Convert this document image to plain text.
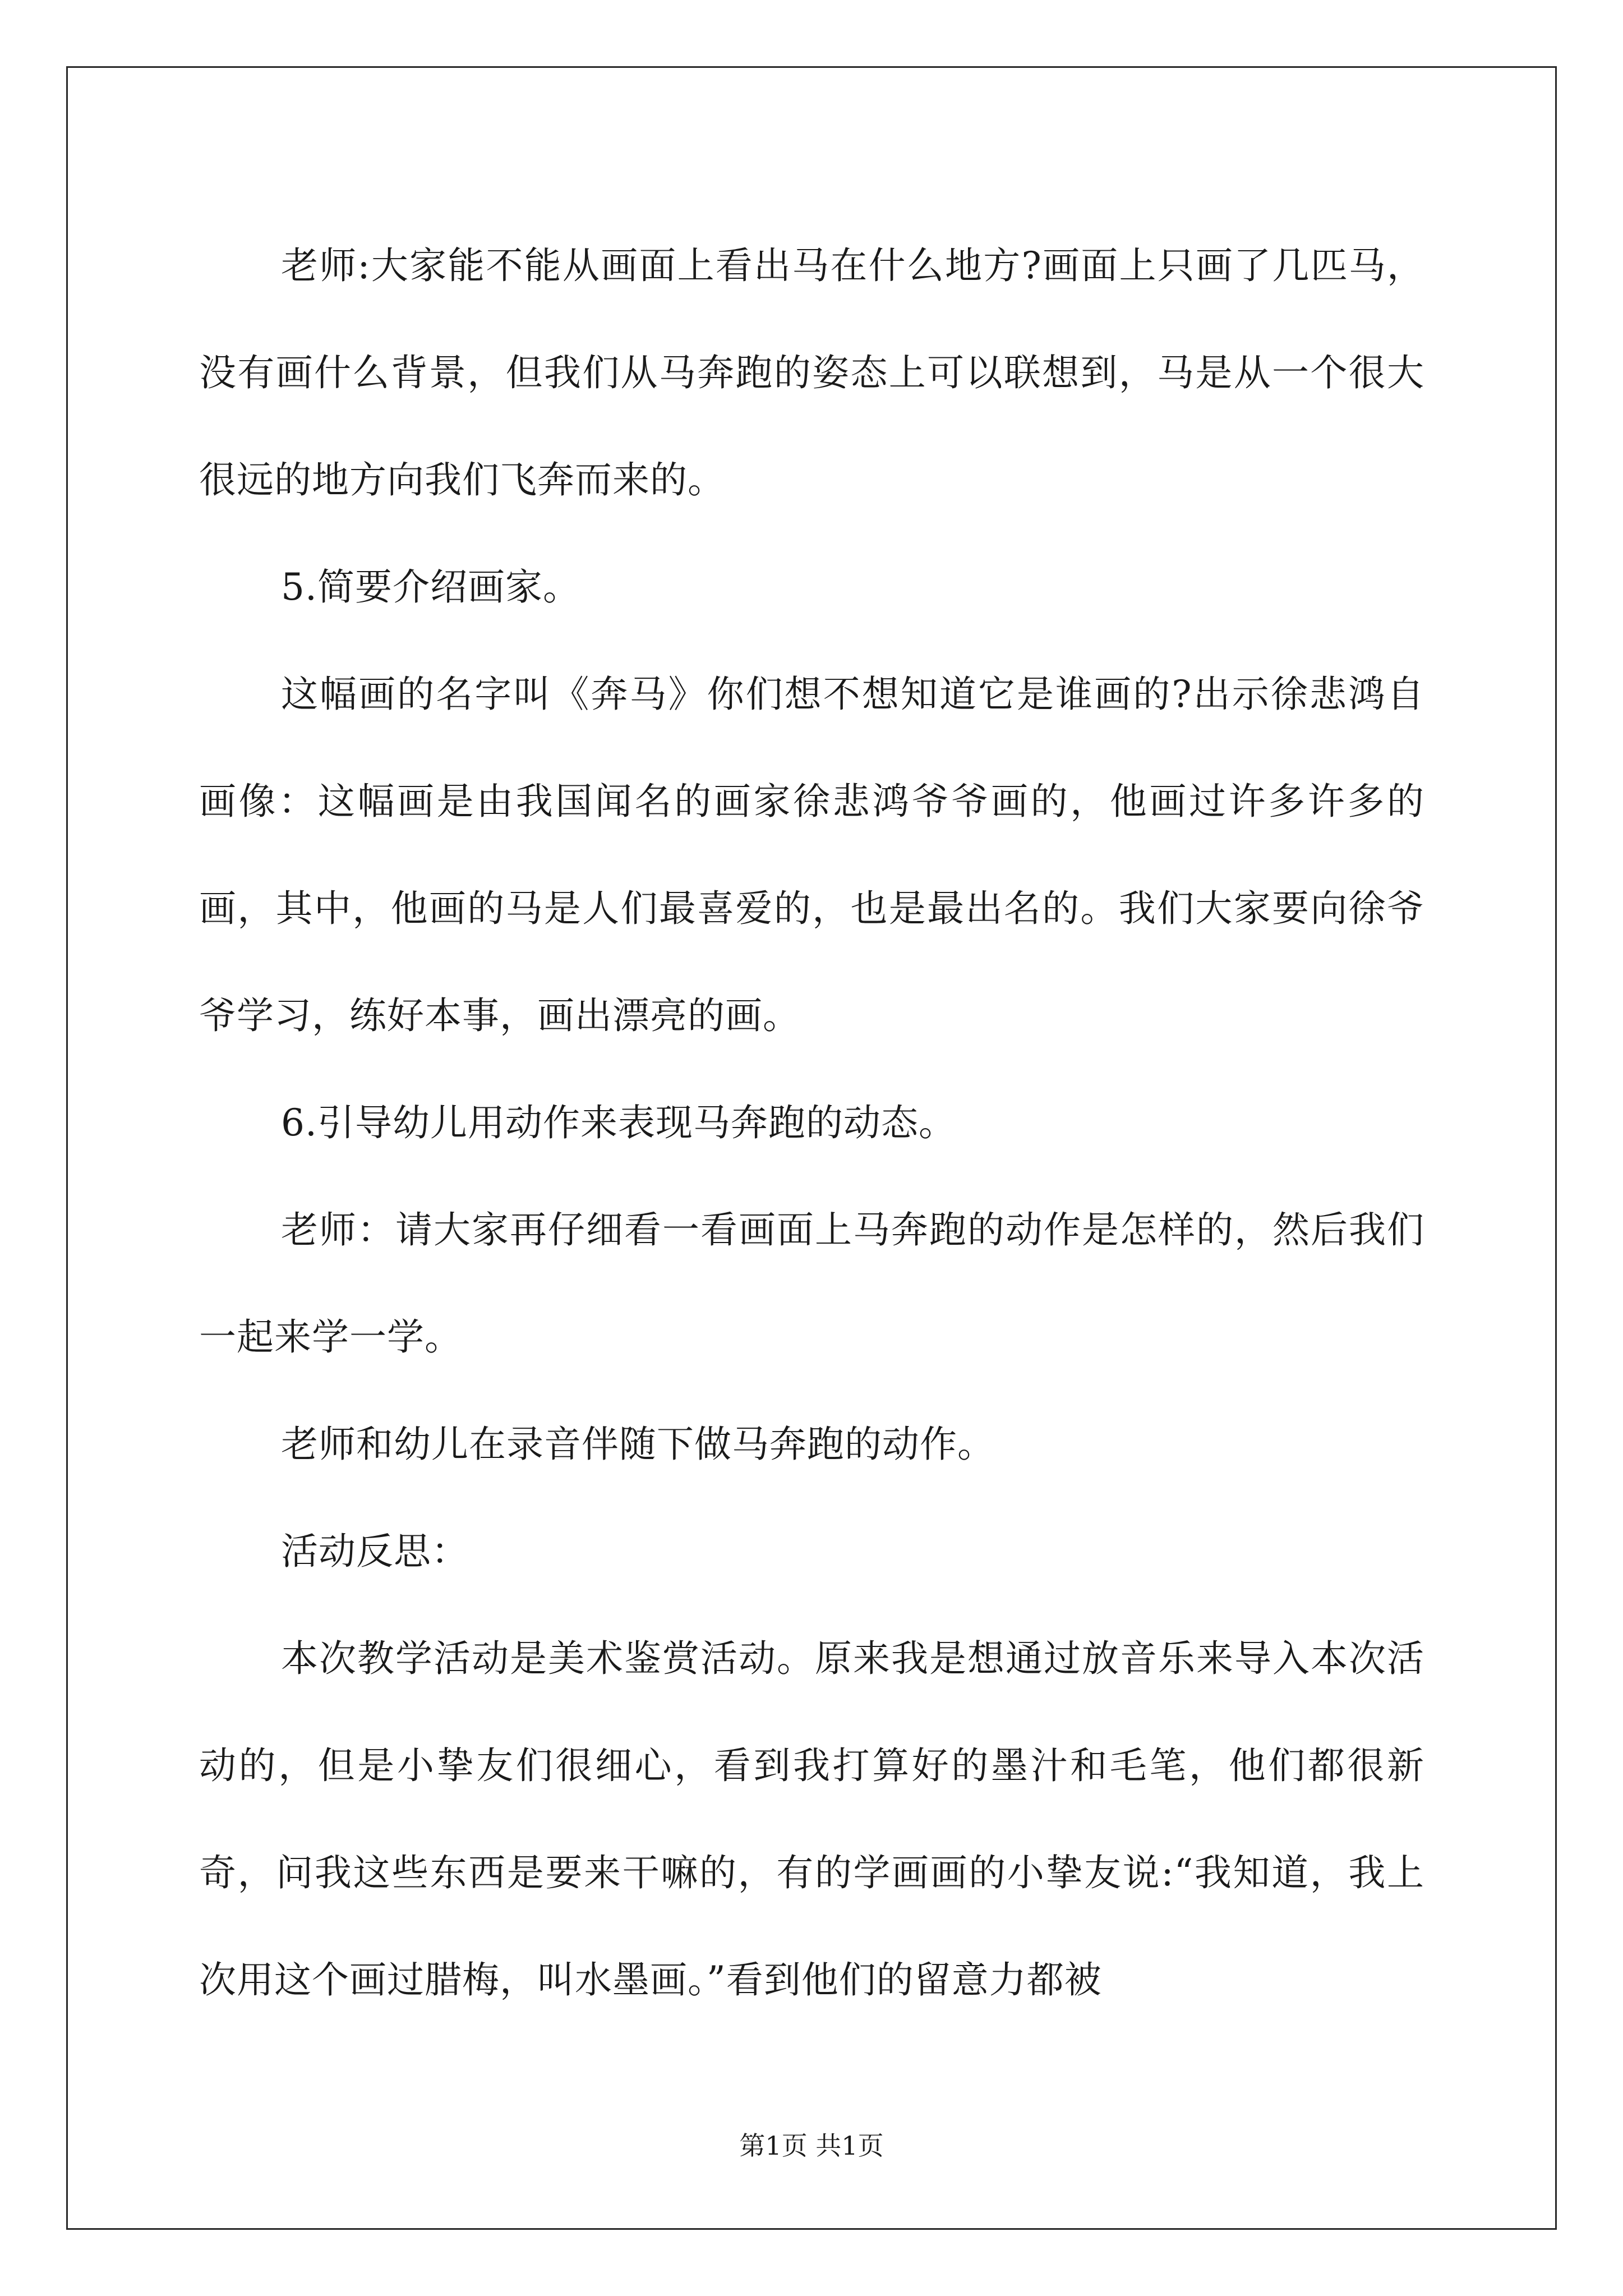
老师:大家能不能从画面上看出马在什么地方?画面上只画了几匹马，没有画什么背景，但我们从马奔跑的姿态上可以联想到，马是从一个很大很远的地方向我们飞奔而来的。

5.简要介绍画家。

这幅画的名字叫《奔马》你们想不想知道它是谁画的?出示徐悲鸿自画像：这幅画是由我国闻名的画家徐悲鸿爷爷画的，他画过许多许多的画，其中，他画的马是人们最喜爱的，也是最出名的。我们大家要向徐爷爷学习，练好本事，画出漂亮的画。

6.引导幼儿用动作来表现马奔跑的动态。

老师：请大家再仔细看一看画面上马奔跑的动作是怎样的，然后我们一起来学一学。

老师和幼儿在录音伴随下做马奔跑的动作。

活动反思：

本次教学活动是美术鉴赏活动。原来我是想通过放音乐来导入本次活动的，但是小挚友们很细心，看到我打算好的墨汁和毛笔，他们都很新奇，问我这些东西是要来干嘛的，有的学画画的小挚友说:“我知道，我上次用这个画过腊梅，叫水墨画。”看到他们的留意力都被

第1页 共1页
